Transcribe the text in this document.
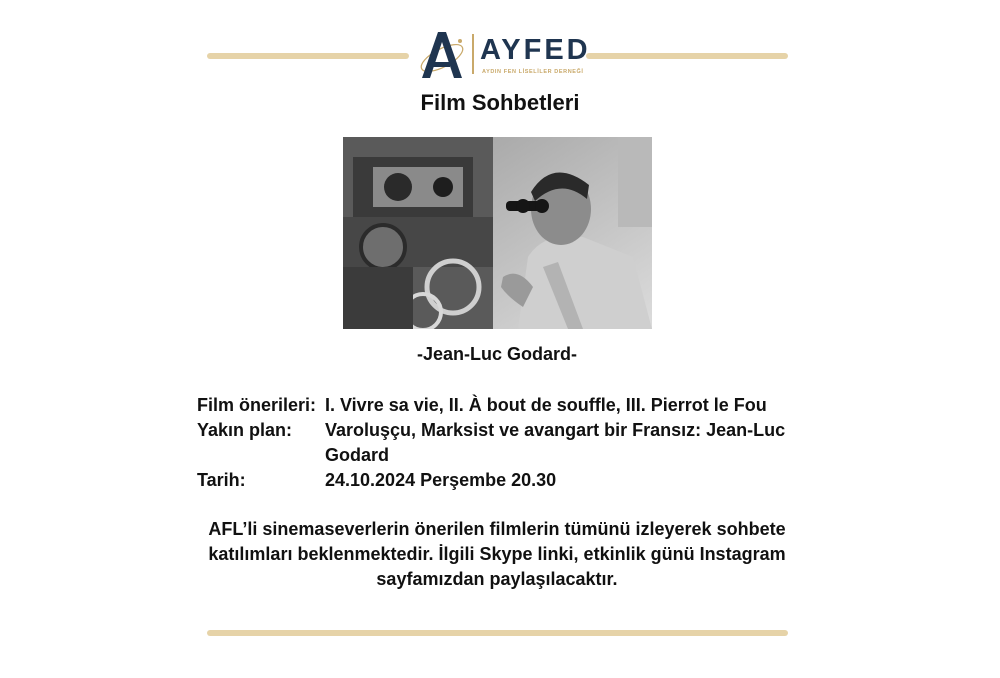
AYFED
AYDIN FEN LİSELİLER DERNEĞİ
Film Sohbetleri
-Jean-Luc Godard-
Film önerileri: I. Vivre sa vie, II. À bout de souffle, III. Pierrot le Fou
Yakın plan:	Varoluşçu, Marksist ve avangart bir Fransız: Jean-Luc Godard
Tarih:	24.10.2024 Perşembe 20.30
AFL’li sinemaseverlerin önerilen filmlerin tümünü izleyerek sohbete katılımları beklenmektedir. İlgili Skype linki, etkinlik günü Instagram sayfamızdan paylaşılacaktır.
